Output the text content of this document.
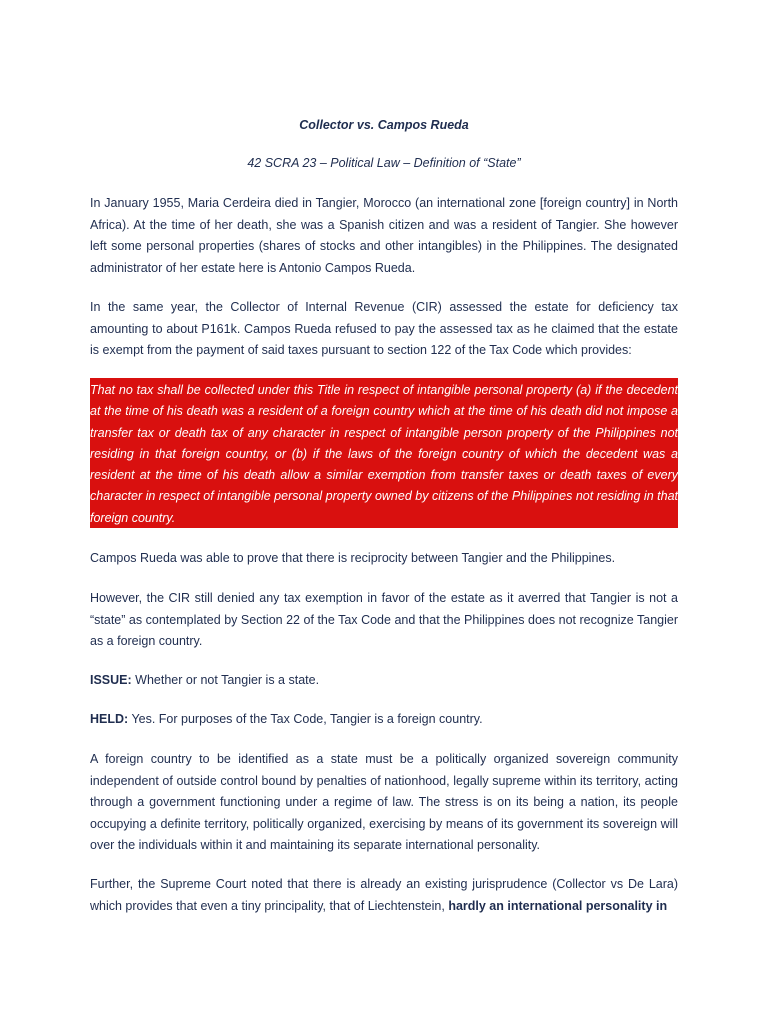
Collector vs. Campos Rueda

42 SCRA 23 – Political Law – Definition of “State”

In January 1955, Maria Cerdeira died in Tangier, Morocco (an international zone [foreign country] in North Africa). At the time of her death, she was a Spanish citizen and was a resident of Tangier. She however left some personal properties (shares of stocks and other intangibles) in the Philippines. The designated administrator of her estate here is Antonio Campos Rueda.

In the same year, the Collector of Internal Revenue (CIR) assessed the estate for deficiency tax amounting to about P161k. Campos Rueda refused to pay the assessed tax as he claimed that the estate is exempt from the payment of said taxes pursuant to section 122 of the Tax Code which provides:

That no tax shall be collected under this Title in respect of intangible personal property (a) if the decedent at the time of his death was a resident of a foreign country which at the time of his death did not impose a transfer tax or death tax of any character in respect of intangible person property of the Philippines not residing in that foreign country, or (b) if the laws of the foreign country of which the decedent was a resident at the time of his death allow a similar exemption from transfer taxes or death taxes of every character in respect of intangible personal property owned by citizens of the Philippines not residing in that foreign country.

Campos Rueda was able to prove that there is reciprocity between Tangier and the Philippines.

However, the CIR still denied any tax exemption in favor of the estate as it averred that Tangier is not a “state” as contemplated by Section 22 of the Tax Code and that the Philippines does not recognize Tangier as a foreign country.

ISSUE: Whether or not Tangier is a state.

HELD: Yes. For purposes of the Tax Code, Tangier is a foreign country.

A foreign country to be identified as a state must be a politically organized sovereign community independent of outside control bound by penalties of nationhood, legally supreme within its territory, acting through a government functioning under a regime of law. The stress is on its being a nation, its people occupying a definite territory, politically organized, exercising by means of its government its sovereign will over the individuals within it and maintaining its separate international personality.

Further, the Supreme Court noted that there is already an existing jurisprudence (Collector vs De Lara) which provides that even a tiny principality, that of Liechtenstein, hardly an international personality in
